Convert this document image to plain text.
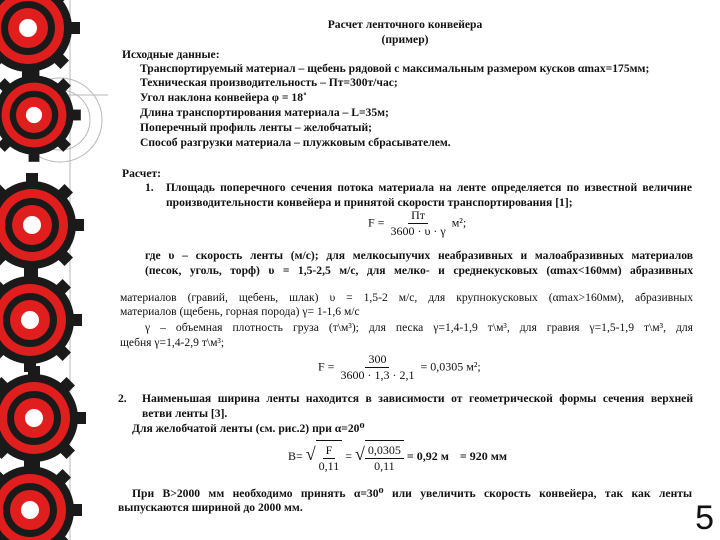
Расчет ленточного конвейера
(пример)
Исходные данные:
Транспортируемый материал – щебень рядовой с максимальным размером кусков αmax=175мм;
Техническая производительность – Пт=300т/час;
Угол наклона конвейера φ = 18˚
Длина транспортирования материала – L=35м;
Поперечный профиль ленты – желобчатый;
Способ разгрузки материала – плужковым сбрасывателем.
Расчет:
1. Площадь поперечного сечения потока материала на ленте определяется по известной величине
производительности конвейера и принятой скорости транспортирования [1];
$F = \frac{Пт}{3600 \cdot \upsilon \cdot \gamma} м^2$;
где υ – скорость ленты (м/с); для мелкосыпучих неабразивных и малоабразивных материалов
(песок, уголь, торф) υ = 1,5-2,5 м/с, для мелко- и среднекусковых (αmax<160мм) абразивных
материалов (гравий, щебень, шлак) υ = 1,5-2 м/с, для крупнокусковых (αmax>160мм), абразивных
материалов (щебень, горная порода) γ= 1-1,6 м/с
γ – объемная плотность груза (т\м³); для песка γ=1,4-1,9 т\м³, для гравия γ=1,5-1,9 т\м³, для
щебня γ=1,4-2,9 т\м³;
$F = \frac{300}{3600 \cdot 1,3 \cdot 2,1} = 0,0305$ м²;
2. Наименьшая ширина ленты находится в зависимости от геометрической формы сечения верхней
ветви ленты [3].
Для желобчатой ленты (см. рис.2) при α=20⁰
B= √ $\frac{F}{0,11}$ = √ $\frac{0,0305}{0,11} = 0,92$ м = 920 мм
При В>2000 мм необходимо принять α=30⁰ или увеличить скорость конвейера, так как ленты
выпускаются шириной до 2000 мм.	5
